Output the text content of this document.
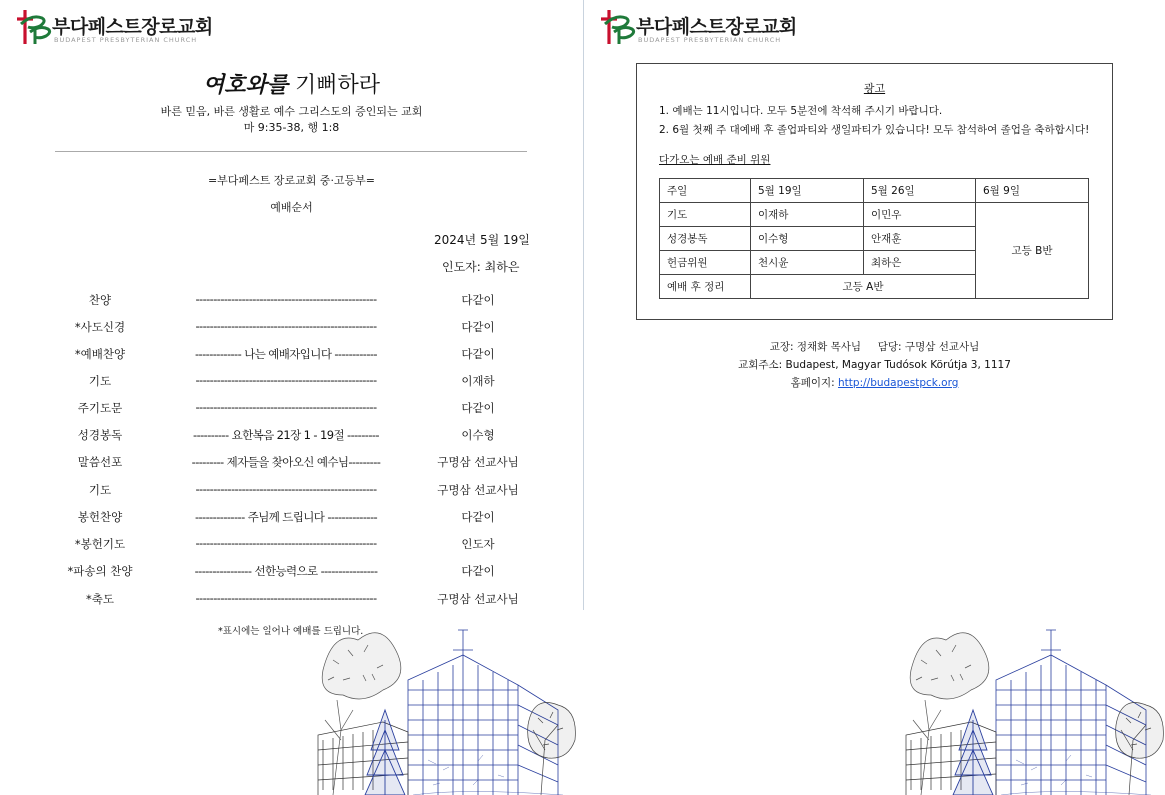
부다페스트장로교회
BUDAPEST PRESBYTERIAN CHURCH
여호와를 기뻐하라
바른 믿음, 바른 생활로 예수 그리스도의 증인되는 교회
마 9:35-38, 행 1:8
=부다페스트 장로교회 중·고등부=
예배순서
2024년 5월 19일
인도자: 최하은
찬양	---------------------------------------------------	다같이
*사도신경	---------------------------------------------------	다같이
*예배찬양	------------- 나는 예배자입니다 ------------	다같이
기도	---------------------------------------------------	이재하
주기도문	---------------------------------------------------	다같이
성경봉독	---------- 요한복음 21장 1 - 19절 ---------	이수형
말씀선포	--------- 제자들을 찾아오신 예수님---------	구명삼 선교사님
기도	---------------------------------------------------	구명삼 선교사님
봉헌찬양	-------------- 주님께 드립니다 --------------	다같이
*봉헌기도	---------------------------------------------------	인도자
*파송의 찬양	---------------- 선한능력으로 ----------------	다같이
*축도	---------------------------------------------------	구명삼 선교사님
*표시에는 일어나 예배를 드립니다.
부다페스트장로교회
BUDAPEST PRESBYTERIAN CHURCH
광고
1. 예배는 11시입니다. 모두 5분전에 착석해 주시기 바랍니다.
2. 6월 첫째 주 대예배 후 졸업파티와 생일파티가 있습니다! 모두 참석하여 졸업을 축하합시다!
다가오는 예배 준비 위원
주일	5월 19일	5월 26일	6월 9일
기도	이재하	이민우	고등 B반
성경봉독	이수형	안재훈	
헌금위원	천시윤	최하은	
예배 후 정리	고등 A반		
교장: 정채화 목사님     담당: 구명삼 선교사님
교회주소: Budapest, Magyar Tudósok Körútja 3, 1117
홈페이지: http://budapestpck.org
